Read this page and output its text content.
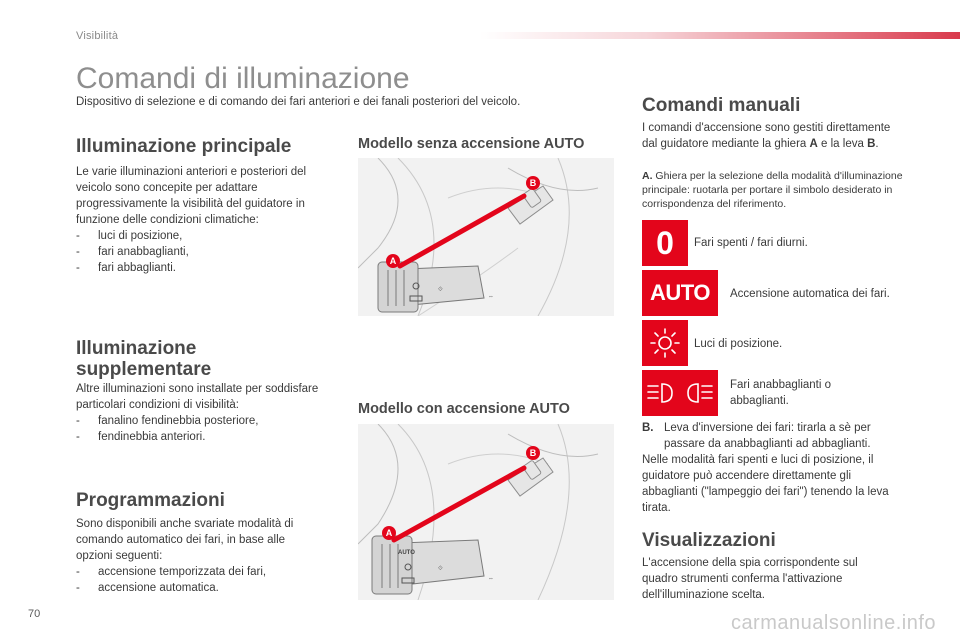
Visibilità
Comandi di illuminazione
Dispositivo di selezione e di comando dei fari anteriori e dei fanali posteriori del veicolo.
Illuminazione principale
Le varie illuminazioni anteriori e posteriori del veicolo sono concepite per adattare progressivamente la visibilità del guidatore in funzione delle condizioni climatiche:
- luci di posizione,
- fari anabbaglianti,
- fari abbaglianti.
Illuminazione supplementare
Altre illuminazioni sono installate per soddisfare particolari condizioni di visibilità:
- fanalino fendinebbia posteriore,
- fendinebbia anteriori.
Programmazioni
Sono disponibili anche svariate modalità di comando automatico dei fari, in base alle opzioni seguenti:
- accensione temporizzata dei fari,
- accensione automatica.
Modello senza accensione AUTO
⟐
⇔
A
B
Modello con accensione AUTO
⟐
⇔
AUTO
A
B
Comandi manuali
I comandi d'accensione sono gestiti direttamente dal guidatore mediante la ghiera A e la leva B.
A. Ghiera per la selezione della modalità d'illuminazione principale: ruotarla per portare il simbolo desiderato in corrispondenza del riferimento.
0	Fari spenti / fari diurni.
AUTO	Accensione automatica dei fari.
Luci di posizione.
Fari anabbaglianti o abbaglianti.
B. Leva d'inversione dei fari: tirarla a sè per passare da anabbaglianti ad abbaglianti.
Nelle modalità fari spenti e luci di posizione, il guidatore può accendere direttamente gli abbaglianti ("lampeggio dei fari") tenendo la leva tirata.
Visualizzazioni
L'accensione della spia corrispondente sul quadro strumenti conferma l'attivazione dell'illuminazione scelta.
70	carmanualsonline.info
